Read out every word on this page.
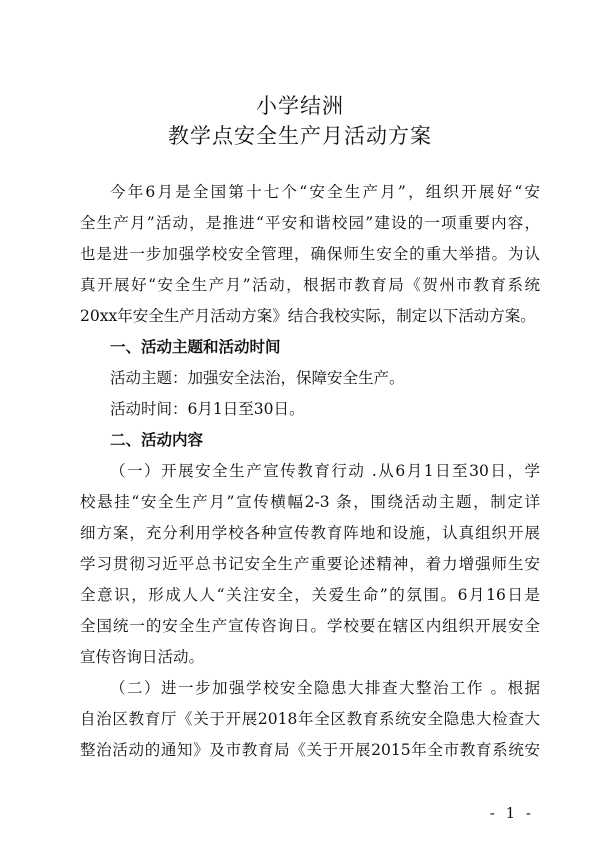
小学结洲
教学点安全生产月活动方案
今年6月是全国第十七个“安全生产月”，组织开展好“安
全生产月”活动，是推进“平安和谐校园”建设的一项重要内容，
也是进一步加强学校安全管理，确保师生安全的重大举措。为认
真开展好“安全生产月”活动，根据市教育局《贺州市教育系统
20xx年安全生产月活动方案》结合我校实际，制定以下活动方案。
一、活动主题和活动时间
活动主题：加强安全法治，保障安全生产。
活动时间：6月1日至30日。
二、活动内容
（一）开展安全生产宣传教育行动 .从6月1日至30日，学
校悬挂“安全生产月”宣传横幅2-3 条，围绕活动主题，制定详
细方案，充分利用学校各种宣传教育阵地和设施，认真组织开展
学习贯彻习近平总书记安全生产重要论述精神，着力增强师生安
全意识，形成人人“关注安全，关爱生命”的氛围。6月16日是
全国统一的安全生产宣传咨询日。学校要在辖区内组织开展安全
宣传咨询日活动。
（二）进一步加强学校安全隐患大排查大整治工作 。根据
自治区教育厅《关于开展2018年全区教育系统安全隐患大检查大
整治活动的通知》及市教育局《关于开展2015年全市教育系统安
- 1 -
